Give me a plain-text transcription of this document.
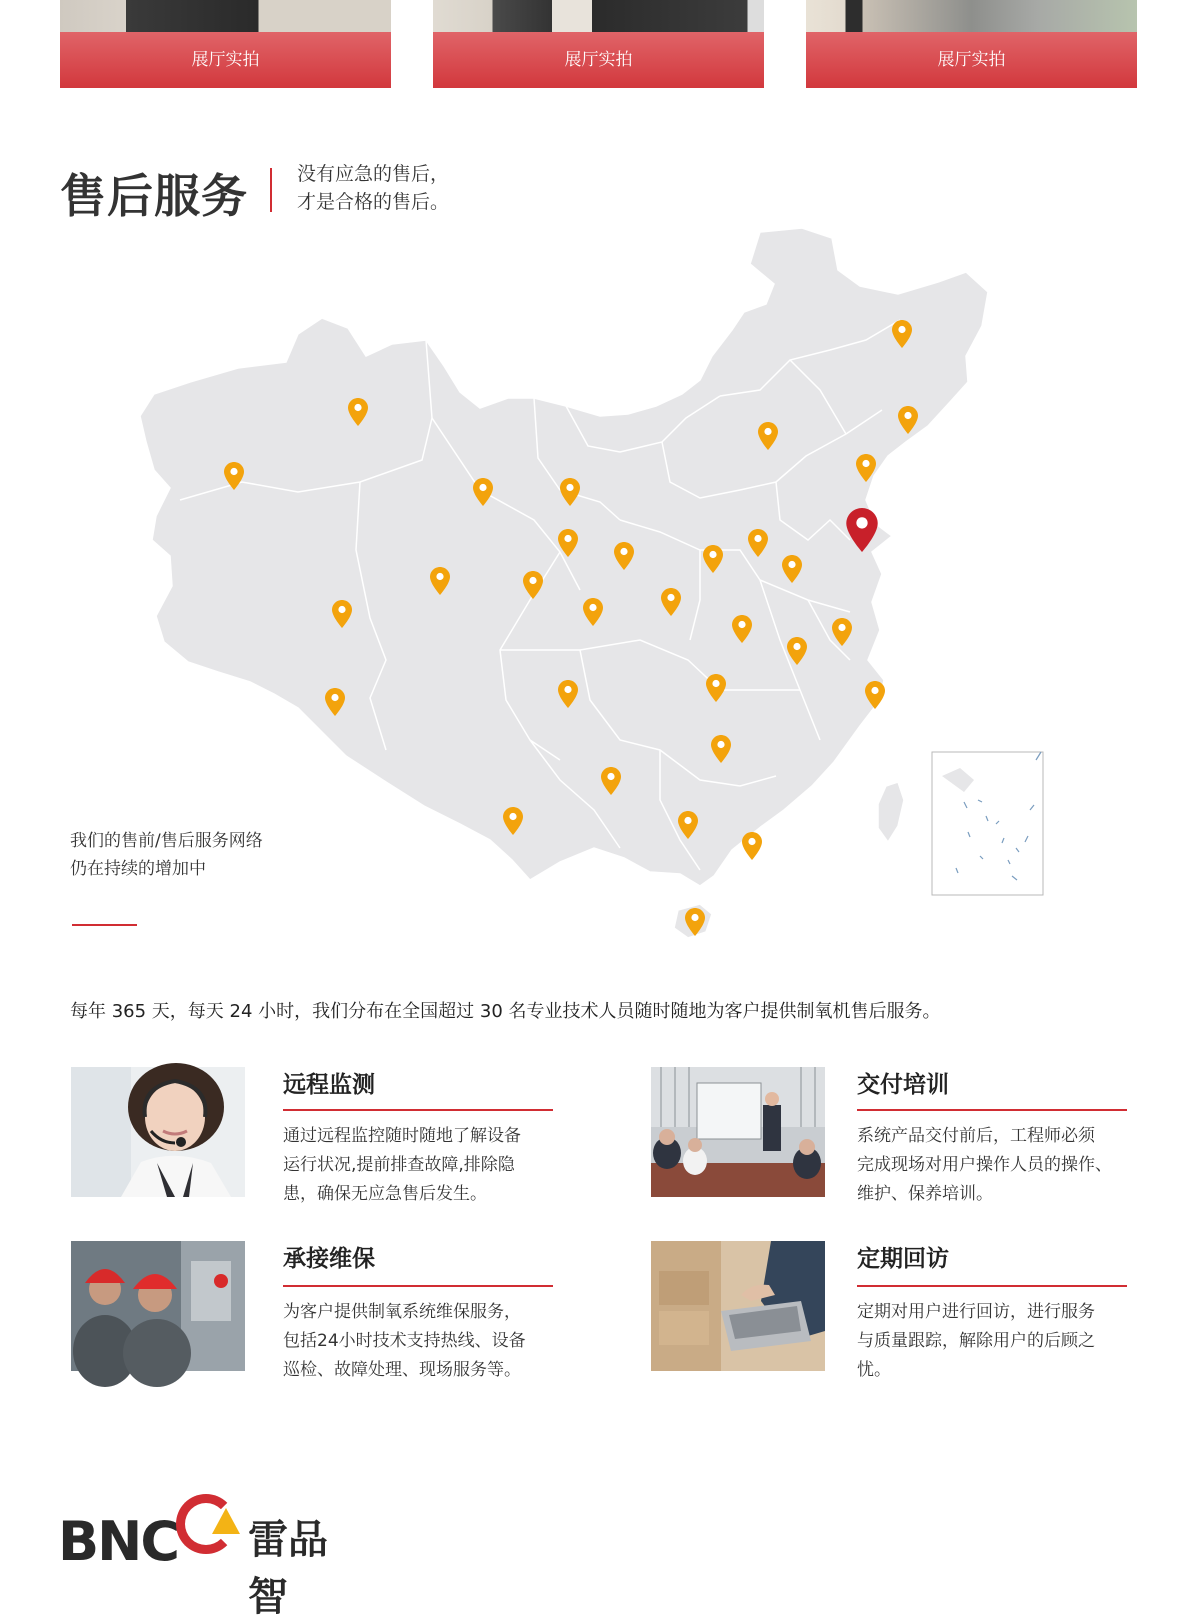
展厅实拍	展厅实拍	展厅实拍
售后服务	没有应急的售后，
才是合格的售后。
我们的售前/售后服务网络
仍在持续的增加中
每年 365 天，每天 24 小时，我们分布在全国超过 30 名专业技术人员随时随地为客户提供制氧机售后服务。
远程监测
通过远程监控随时随地了解设备
运行状况,提前排查故障,排除隐
患，确保无应急售后发生。
交付培训
系统产品交付前后，工程师必须
完成现场对用户操作人员的操作、
维护、保养培训。
承接维保
为客户提供制氧系统维保服务，
包括24小时技术支持热线、设备
巡检、故障处理、现场服务等。
定期回访
定期对用户进行回访，进行服务
与质量跟踪，解除用户的后顾之
忧。
BNC 雷品智
